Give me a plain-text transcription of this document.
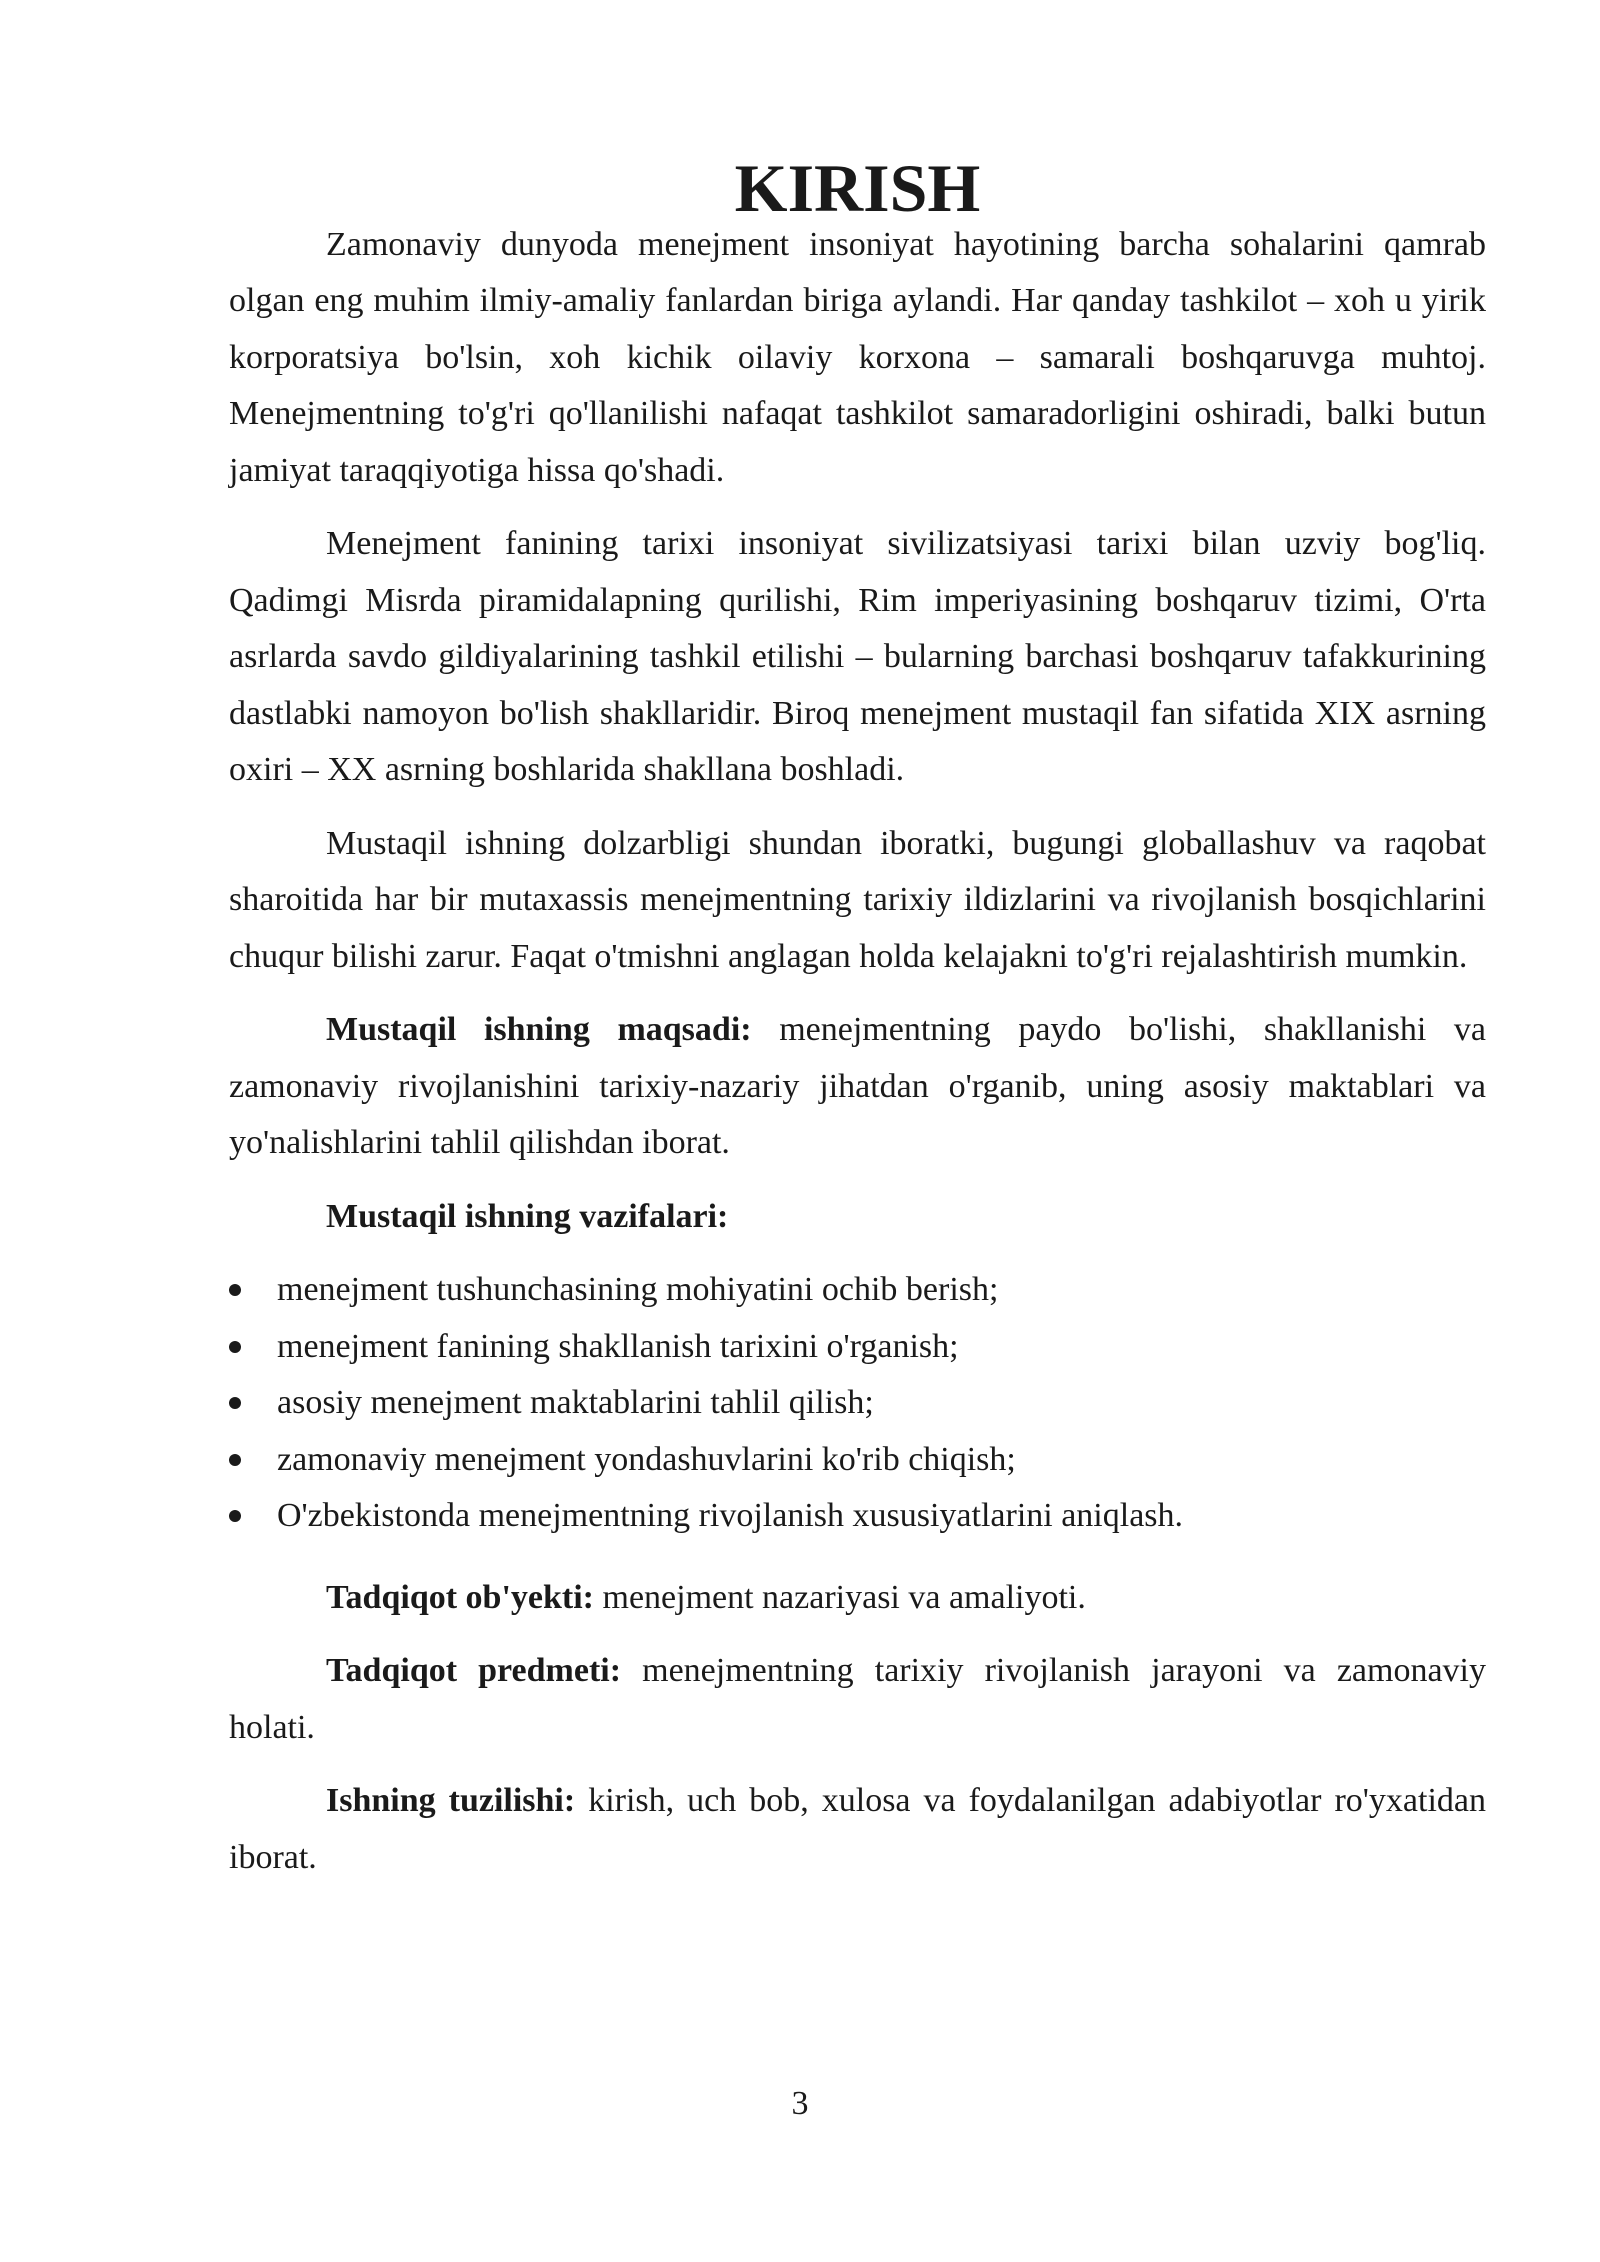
KIRISH

Zamonaviy dunyoda menejment insoniyat hayotining barcha sohalarini qamrab olgan eng muhim ilmiy-amaliy fanlardan biriga aylandi. Har qanday tashkilot – xoh u yirik korporatsiya bo'lsin, xoh kichik oilaviy korxona – samarali boshqaruvga muhtoj. Menejmentning to'g'ri qo'llanilishi nafaqat tashkilot samaradorligini oshiradi, balki butun jamiyat taraqqiyotiga hissa qo'shadi.

Menejment fanining tarixi insoniyat sivilizatsiyasi tarixi bilan uzviy bog'liq. Qadimgi Misrda piramidalapning qurilishi, Rim imperiyasining boshqaruv tizimi, O'rta asrlarda savdo gildiyalarining tashkil etilishi – bularning barchasi boshqaruv tafakkurining dastlabki namoyon bo'lish shakllaridir. Biroq menejment mustaqil fan sifatida XIX asrning oxiri – XX asrning boshlarida shakllana boshladi.

Mustaqil ishning dolzarbligi shundan iboratki, bugungi globallashuv va raqobat sharoitida har bir mutaxassis menejmentning tarixiy ildizlarini va rivojlanish bosqichlarini chuqur bilishi zarur. Faqat o'tmishni anglagan holda kelajakni to'g'ri rejalashtirish mumkin.

Mustaqil ishning maqsadi: menejmentning paydo bo'lishi, shakllanishi va zamonaviy rivojlanishini tarixiy-nazariy jihatdan o'rganib, uning asosiy maktablari va yo'nalishlarini tahlil qilishdan iborat.

Mustaqil ishning vazifalari:

menejment tushunchasining mohiyatini ochib berish;
menejment fanining shakllanish tarixini o'rganish;
asosiy menejment maktablarini tahlil qilish;
zamonaviy menejment yondashuvlarini ko'rib chiqish;
O'zbekistonda menejmentning rivojlanish xususiyatlarini aniqlash.

Tadqiqot ob'yekti: menejment nazariyasi va amaliyoti.

Tadqiqot predmeti: menejmentning tarixiy rivojlanish jarayoni va zamonaviy holati.

Ishning tuzilishi: kirish, uch bob, xulosa va foydalanilgan adabiyotlar ro'yxatidan iborat.

3
